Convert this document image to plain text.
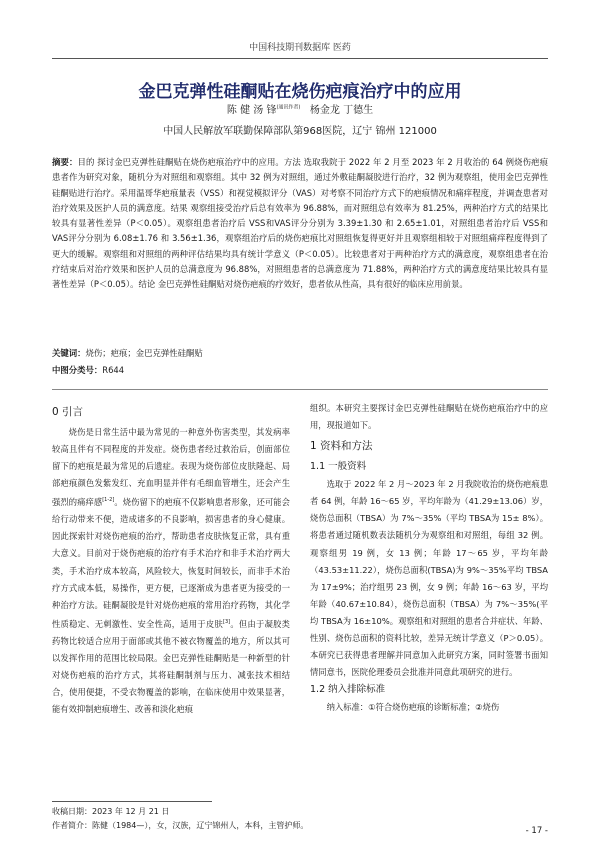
中国科技期刊数据库 医药
金巴克弹性硅酮贴在烧伤疤痕治疗中的应用
陈 健 汤 锋$^{(通讯作者)}$ 杨金龙 丁德生
中国人民解放军联勤保障部队第968医院，辽宁 锦州 121000
摘要：目的 探讨金巴克弹性硅酮贴在烧伤疤痕治疗中的应用。方法 选取我院于 2022 年 2 月至 2023 年 2 月收治的 64 例烧伤疤痕患者作为研究对象，随机分为对照组和观察组。其中 32 例为对照组，通过外敷硅酮凝胶进行治疗，32 例为观察组，使用金巴克弹性硅酮贴进行治疗。采用温哥华疤痕量表（VSS）和视觉模拟评分（VAS）对考察不同治疗方式下的疤痕情况和痛痒程度，并调查患者对治疗效果及医护人员的满意度。结果 观察组接受治疗后总有效率为 96.88%，而对照组总有效率为 81.25%，两种治疗方式的结果比较具有显著性差异（P＜0.05）。观察组患者治疗后 VSS和VAS评分分别为 3.39±1.30 和 2.65±1.01，对照组患者治疗后 VSS和VAS评分分别为 6.08±1.76 和 3.56±1.36，观察组治疗后的烧伤疤痕比对照组恢复得更好并且观察组相较于对照组痛痒程度得到了更大的缓解。观察组和对照组的两种评估结果均具有统计学意义（P＜0.05）。比较患者对于两种治疗方式的满意度，观察组患者在治疗结束后对治疗效果和医护人员的总满意度为 96.88%，对照组患者的总满意度为 71.88%，两种治疗方式的满意度结果比较具有显著性差异（P＜0.05）。结论 金巴克弹性硅酮贴对烧伤疤痕的疗效好，患者依从性高，具有很好的临床应用前景。
关键词：烧伤；疤痕；金巴克弹性硅酮贴
中图分类号：R644
0 引言

烧伤是日常生活中最为常见的一种意外伤害类型，其发病率较高且伴有不同程度的并发症。烧伤患者经过救治后，创面部位留下的疤痕是最为常见的后遗症。表现为烧伤部位皮肤隆起、局部疤痕颜色发紫发红、充血明显并伴有毛细血管增生，还会产生强烈的痛痒感[1-2]。烧伤留下的疤痕不仅影响患者形象，还可能会给行动带来不便，造成诸多的不良影响，损害患者的身心健康。因此探索针对烧伤疤痕的治疗，帮助患者皮肤恢复正常，具有重大意义。目前对于烧伤疤痕的治疗有手术治疗和非手术治疗两大类，手术治疗成本较高，风险较大，恢复时间较长，而非手术治疗方式成本低，易操作，更方便，已逐渐成为患者更为接受的一种治疗方法。硅酮凝胶是针对烧伤疤痕的常用治疗药物，其化学性质稳定、无刺激性、安全性高，适用于皮肤[3]。但由于凝胶类药物比较适合应用于面部或其他不被衣物覆盖的地方，所以其可以发挥作用的范围比较局限。金巴克弹性硅酮贴是一种新型的针对烧伤疤痕的治疗方式，其将硅酮制剂与压力、减张技术相结合，使用便捷，不受衣物覆盖的影响，在临床使用中效果显著，能有效抑制疤痕增生、改善和淡化疤痕

组织。本研究主要探讨金巴克弹性硅酮贴在烧伤疤痕治疗中的应用，现报道如下。

1 资料和方法
1.1 一般资料

选取于 2022 年 2 月～2023 年 2 月我院收治的烧伤疤痕患者 64 例，年龄 16～65 岁，平均年龄为（41.29±13.06）岁，烧伤总面积（TBSA）为 7%～35%（平均 TBSA为 15± 8%）。将患者通过随机数表法随机分为观察组和对照组，每组 32 例。观察组男 19 例，女 13 例；年龄 17～65 岁，平均年龄（43.53±11.22），烧伤总面积(TBSA)为 9%～35%平均 TBSA为 17±9%；治疗组男 23 例，女 9 例；年龄 16～63 岁，平均年龄（40.67±10.84），烧伤总面积（TBSA）为 7%～35%(平均 TBSA为 16±10%。观察组和对照组的患者合并症状、年龄、性别、烧伤总面积的资料比较，差异无统计学意义（P＞0.05）。本研究已获得患者理解并同意加入此研究方案，同时签署书面知情同意书，医院伦理委员会批准并同意此项研究的进行。

1.2 纳入排除标准

纳入标准：①符合烧伤疤痕的诊断标准；②烧伤

收稿日期：2023 年 12 月 21 日
作者简介：陈健（1984—），女，汉族，辽宁锦州人，本科，主管护师。
- 17 -
